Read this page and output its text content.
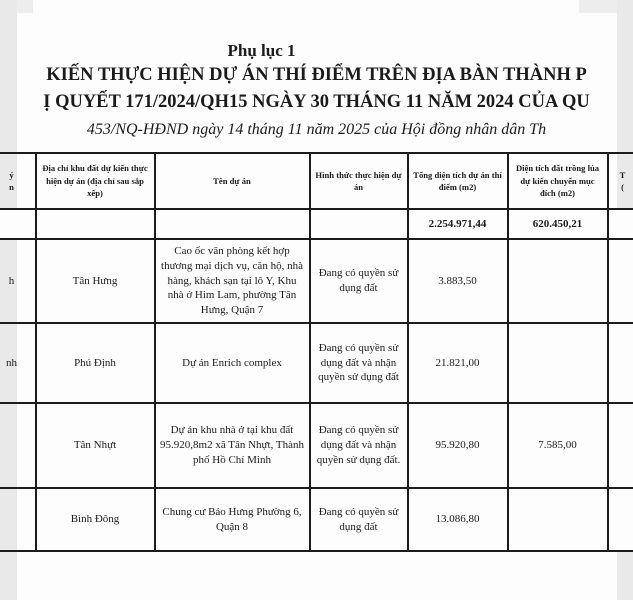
Phụ lục 1
KIẾN THỰC HIỆN DỰ ÁN THÍ ĐIỂM TRÊN ĐỊA BÀN THÀNH P
Ị QUYẾT 171/2024/QH15 NGÀY 30 THÁNG 11 NĂM 2024 CỦA QU
453/NQ-HĐND ngày 14 tháng 11 năm 2025 của Hội đồng nhân dân Th
ý
n	Địa chỉ khu đất dự kiến thực hiện dự án (địa chỉ sau sắp xếp)	Tên dự án	Hình thức thực hiện dự án	Tổng diện tích dự án thí điểm (m2)	Diện tích đất trồng lúa dự kiến chuyển mục đích (m2)	T
(
				2.254.971,44	620.450,21	
h	Tân Hưng	Cao ốc văn phòng kết hợp thương mại dịch vụ, căn hộ, nhà hàng, khách sạn tại lô Y, Khu nhà ở Him Lam, phường Tân Hưng, Quận 7	Đang có quyền sử dụng đất	3.883,50		
nh	Phú Định	Dự án Enrich complex	Đang có quyền sử dụng đất và nhận quyền sử dụng đất	21.821,00		
	Tân Nhựt	Dự án khu nhà ở tại khu đất 95.920,8m2 xã Tân Nhựt, Thành phố Hồ Chí Minh	Đang có quyền sử dụng đất và nhận quyền sử dụng đất.	95.920,80	7.585,00	
	Bình Đông	Chung cư Bảo Hưng Phường 6, Quận 8	Đang có quyền sử dụng đất	13.086,80		
